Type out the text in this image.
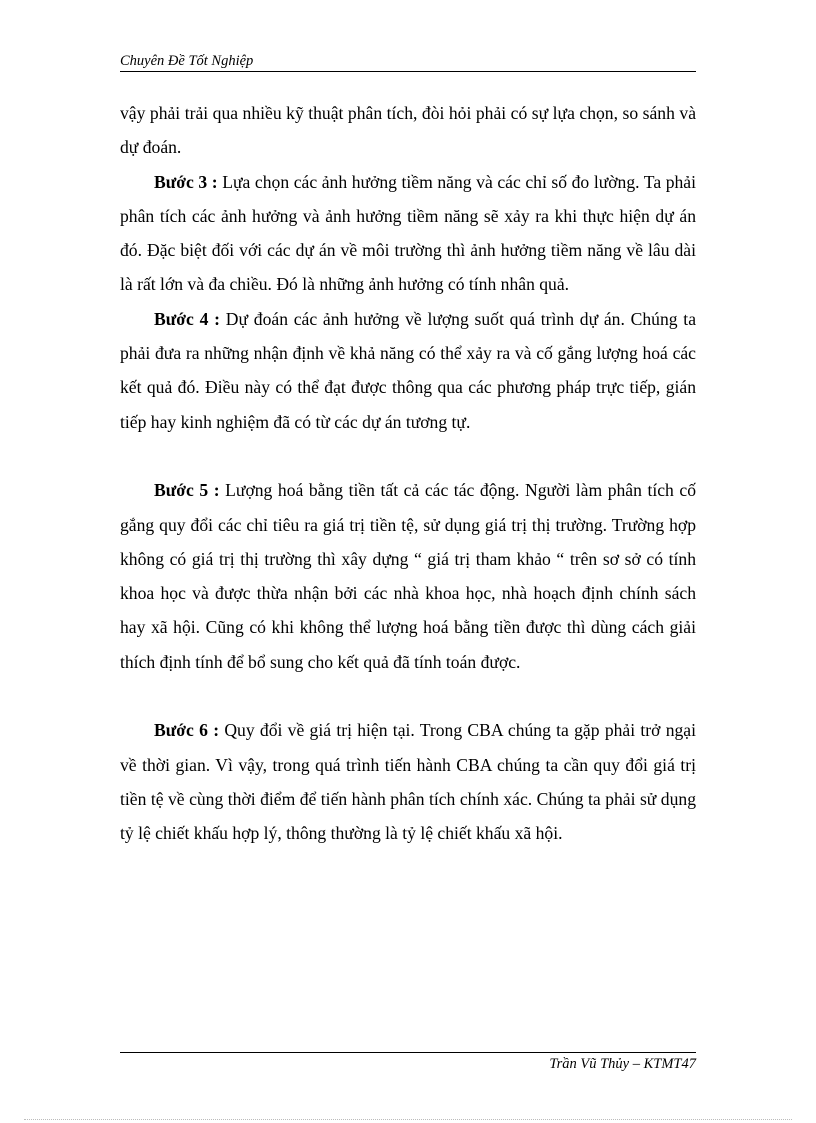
Chuyên Đề Tốt Nghiệp

vậy phải trải qua nhiều kỹ thuật phân tích, đòi hỏi phải có sự lựa chọn, so sánh và dự đoán.

Bước 3 : Lựa chọn các ảnh hưởng tiềm năng và các chỉ số đo lường. Ta phải phân tích các ảnh hưởng và ảnh hưởng tiềm năng sẽ xảy ra khi thực hiện dự án đó. Đặc biệt đối với các dự án về môi trường thì ảnh hưởng tiềm năng về lâu dài là rất lớn và đa chiều. Đó là những ảnh hưởng có tính nhân quả.

Bước 4 : Dự đoán các ảnh hưởng về lượng suốt quá trình dự án. Chúng ta phải đưa ra những nhận định về khả năng có thể xảy ra và cố gắng lượng hoá các kết quả đó. Điều này có thể đạt được thông qua các phương pháp trực tiếp, gián tiếp hay kinh nghiệm đã có từ các dự án tương tự.

Bước 5 : Lượng hoá bằng tiền tất cả các tác động. Người làm phân tích cố gắng quy đổi các chỉ tiêu ra giá trị tiền tệ, sử dụng giá trị thị trường. Trường hợp không có giá trị thị trường thì xây dựng “ giá trị tham khảo “ trên sơ sở có tính khoa học và được thừa nhận bởi các nhà khoa học, nhà hoạch định chính sách hay xã hội. Cũng có khi không thể lượng hoá bằng tiền được thì dùng cách giải thích định tính để bổ sung cho kết quả đã tính toán được.

Bước 6 : Quy đổi về giá trị hiện tại. Trong CBA chúng ta gặp phải trở ngại về thời gian. Vì vậy, trong quá trình tiến hành CBA chúng ta cần quy đổi giá trị tiền tệ về cùng thời điểm để tiến hành phân tích chính xác. Chúng ta phải sử dụng tỷ lệ chiết khấu hợp lý, thông thường là tỷ lệ chiết khấu xã hội.

Trần Vũ Thủy – KTMT47
